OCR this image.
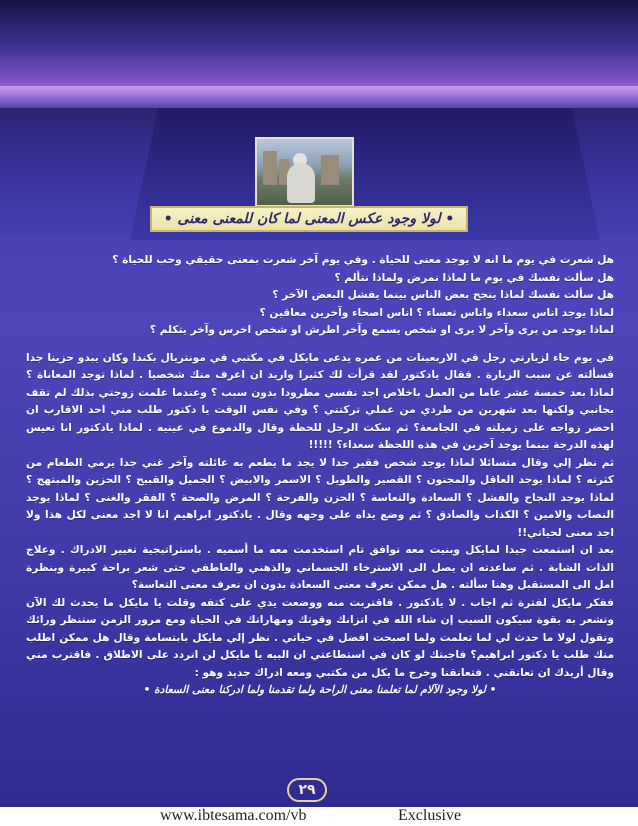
• لولا وجود عكس المعنى لما كان للمعنى معنى •

هل شعرت في يوم ما انه لا يوجد معنى للحياة . وفي يوم آخر شعرت بمعنى حقيقي وحب للحياة ؟

هل سألت نفسك في يوم ما لماذا نمرض ولماذا نتألم ؟

هل سألت نفسك لماذا ينجح بعض الناس بينما يفشل البعض الآخر ؟

لماذا يوجد اناس سعداء واناس تعساء ؟ اناس اصحاء وآخرين معاقين ؟

لماذا يوجد من يرى وآخر لا يرى او شخص يسمع وآخر اطرش او شخص اخرس وآخر يتكلم ؟

في يوم جاء لزيارتي رجل في الاربعينات من عمره يدعى مايكل في مكتبي في مونتريال بكندا وكان يبدو حزينا جدا فسألته عن سبب الزيارة . فقال يادكتور لقد قرأت لك كثيرا واريد ان اعرف منك شخصيا . لماذا توجد المعاناة ؟ لماذا بعد خمسة عشر عاما من العمل باخلاص اجد نفسي مطرودا بدون سبب ؟ وعندما علمت زوجتي بذلك لم تقف بجانبي ولكنها بعد شهرين من طردي من عملي تركتني ؟ وفي نفس الوقت يا دكتور طلب مني احد الاقارب ان احضر زواجه على زميلته في الجامعة؟ ثم سكت الرجل للحظة وقال والدموع في عينيه . لماذا يادكتور انا تعيس لهذه الدرجة بينما يوجد آخرين في هذه اللحظة سعداء؟ !!!!!

ثم نظر إلي وقال متسائلا لماذا يوجد شخص فقير جدا لا يجد ما يطعم به عائلته وآخر غني جدا يرمي الطعام من كثرته ؟ لماذا يوجد العاقل والمجنون ؟ القصير والطويل ؟ الاسمر والابيض ؟ الجميل والقبيح ؟ الحزين والمبتهج ؟ لماذا يوجد النجاح والفشل ؟ السعادة والتعاسة ؟ الحزن والفرحة ؟ المرض والصحة ؟ الفقر والغنى ؟ لماذا يوجد النصاب والامين ؟ الكذاب والصادق ؟ ثم وضع يداه على وجهه وقال . يادكتور ابراهيم انا لا اجد معنى لكل هذا ولا اجد معنى لحياتي!!

بعد ان استمعت جيدا لمايكل وبنيت معه توافق تام استخدمت معه ما أسميه . باستراتيجية تغيير الادراك . وعلاج الذات الشابة . ثم ساعدته ان يصل الى الاسترخاء الجسماني والذهني والعاطفي حتى شعر براحة كبيرة وبنظرة امل الى المستقبل وهنا سألته . هل ممكن نعرف معنى السعادة بدون ان نعرف معنى التعاسة؟

ففكر مايكل لفترة ثم اجاب . لا يادكتور . فاقتربت منه ووضعت يدي على كتفه وقلت يا مايكل ما يحدث لك الآن وتشعر به بقوة سيكون السبب إن شاء الله في اتزانك وقوتك ومهاراتك في الحياة ومع مرور الزمن ستنظر ورائك وتقول لولا ما حدث لي لما تعلمت ولما اصبحت افضل في حياتي . نظر إلي مايكل بابتسامة وقال هل ممكن اطلب منك طلب يا دكتور ابراهيم؟ فاجبتك لو كان في استطاعتي ان البيه يا مايكل لن اتردد على الاطلاق . فاقترب مني وقال أريدك ان تعانقني . فتعانقنا وخرج ما يكل من مكتبي ومعه ادراك جديد وهو :

• لولا وجود الآلام لما تعلمنا معنى الراحة ولما تقدمنا ولما ادركنا معنى السعادة •

٢٩
www.ibtesama.com/vb	Exclusive
